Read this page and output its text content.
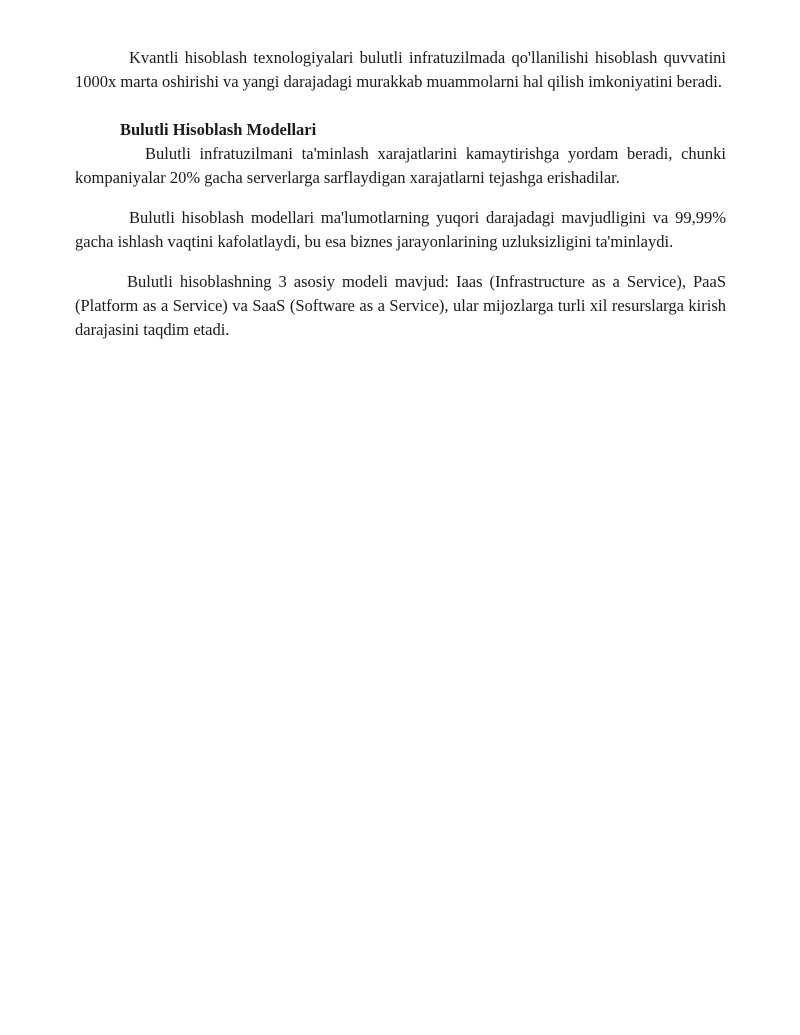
Kvantli hisoblash texnologiyalari bulutli infratuzilmada qo'llanilishi hisoblash quvvatini 1000x marta oshirishi va yangi darajadagi murakkab muammolarni hal qilish imkoniyatini beradi.

Bulutli Hisoblash Modellari

Bulutli infratuzilmani ta'minlash xarajatlarini kamaytirishga yordam beradi, chunki kompaniyalar 20% gacha serverlarga sarflaydigan xarajatlarni tejashga erishadilar.

Bulutli hisoblash modellari ma'lumotlarning yuqori darajadagi mavjudligini va 99,99% gacha ishlash vaqtini kafolatlaydi, bu esa biznes jarayonlarining uzluksizligini ta'minlaydi.

Bulutli hisoblashning 3 asosiy modeli mavjud: Iaas (Infrastructure as a Service), PaaS (Platform as a Service) va SaaS (Software as a Service), ular mijozlarga turli xil resurslarga kirish darajasini taqdim etadi.
